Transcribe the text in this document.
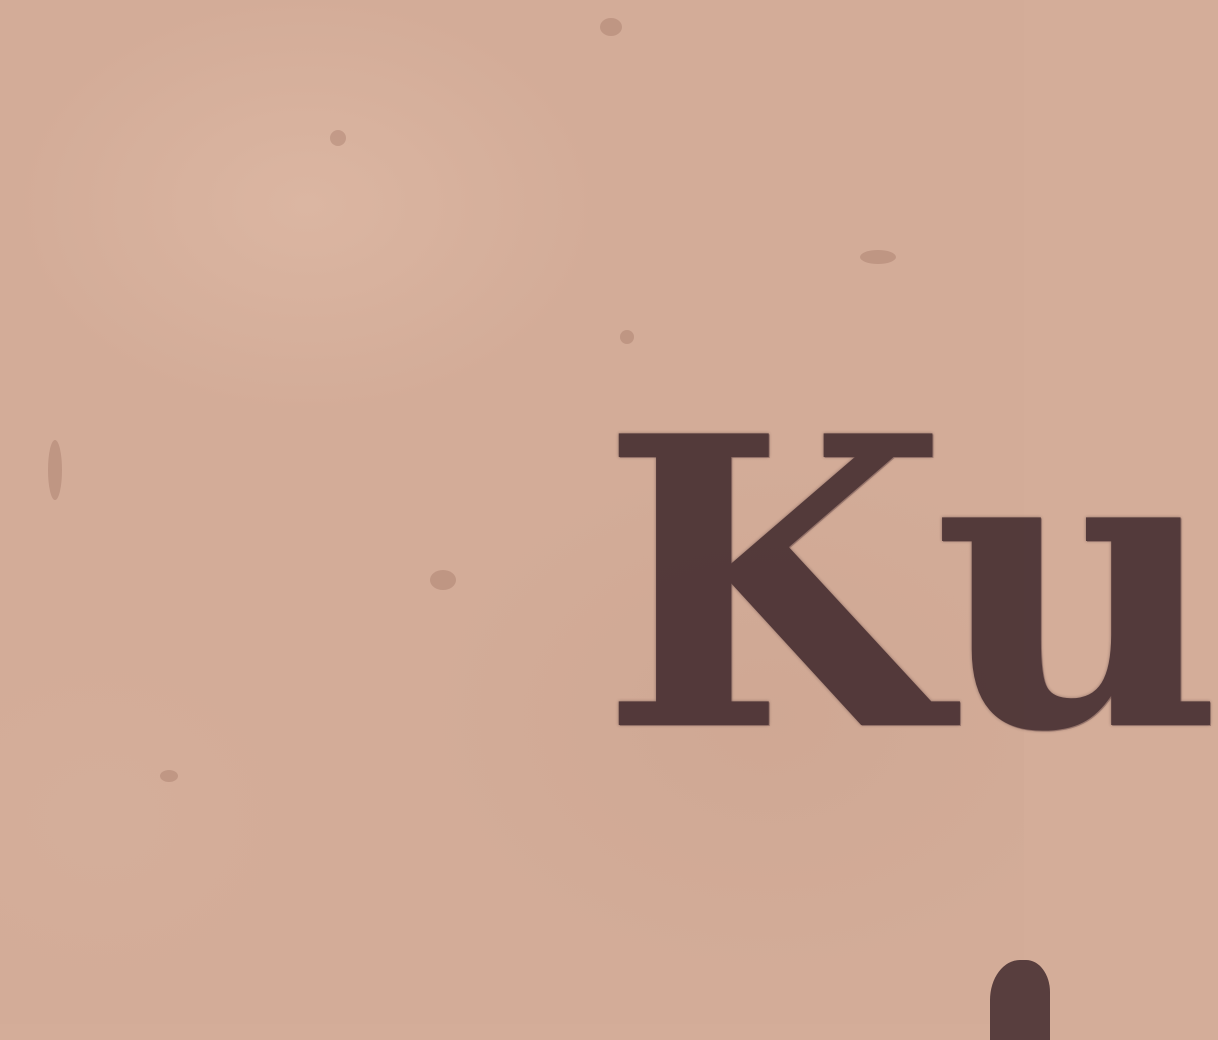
Ku
